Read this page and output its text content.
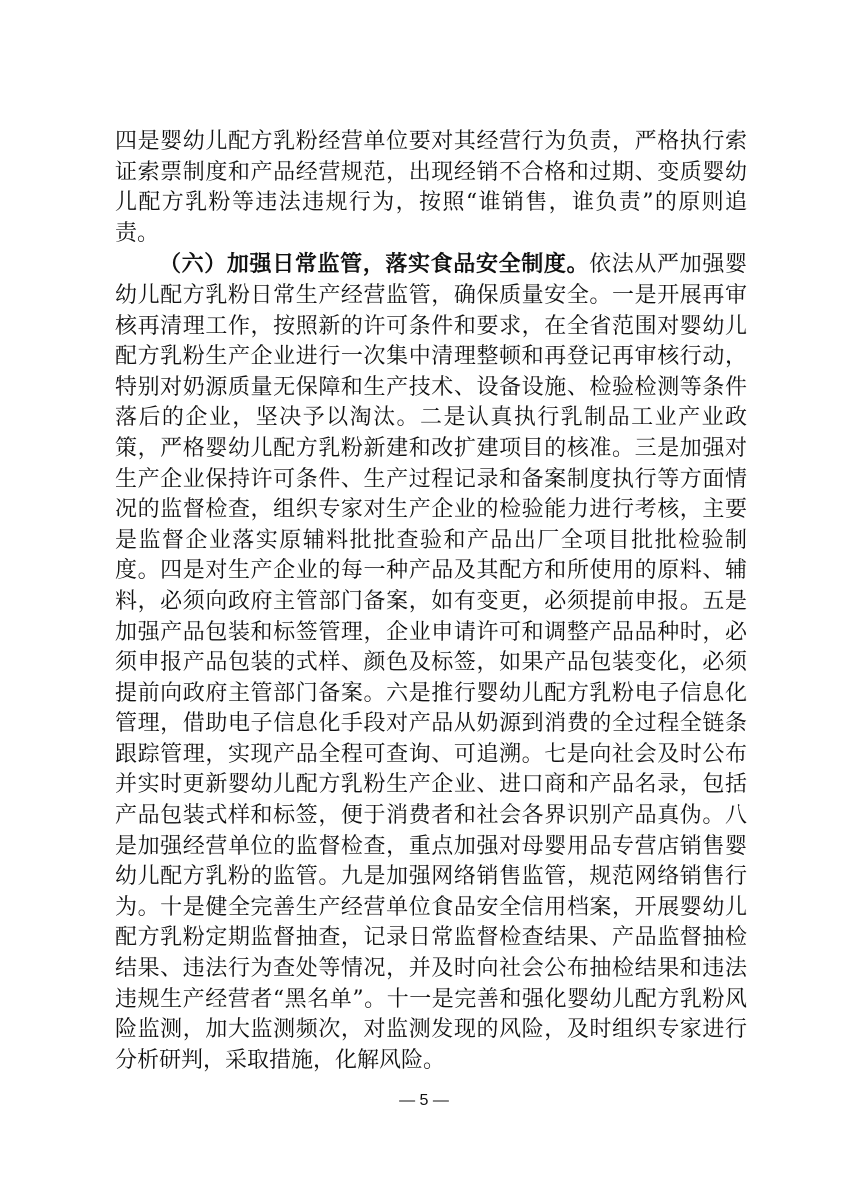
四是婴幼儿配方乳粉经营单位要对其经营行为负责，严格执行索证索票制度和产品经营规范，出现经销不合格和过期、变质婴幼儿配方乳粉等违法违规行为，按照“谁销售，谁负责”的原则追责。

（六）加强日常监管，落实食品安全制度。依法从严加强婴幼儿配方乳粉日常生产经营监管，确保质量安全。一是开展再审核再清理工作，按照新的许可条件和要求，在全省范围对婴幼儿配方乳粉生产企业进行一次集中清理整顿和再登记再审核行动，特别对奶源质量无保障和生产技术、设备设施、检验检测等条件落后的企业，坚决予以淘汰。二是认真执行乳制品工业产业政策，严格婴幼儿配方乳粉新建和改扩建项目的核准。三是加强对生产企业保持许可条件、生产过程记录和备案制度执行等方面情况的监督检查，组织专家对生产企业的检验能力进行考核，主要是监督企业落实原辅料批批查验和产品出厂全项目批批检验制度。四是对生产企业的每一种产品及其配方和所使用的原料、辅料，必须向政府主管部门备案，如有变更，必须提前申报。五是加强产品包装和标签管理，企业申请许可和调整产品品种时，必须申报产品包装的式样、颜色及标签，如果产品包装变化，必须提前向政府主管部门备案。六是推行婴幼儿配方乳粉电子信息化管理，借助电子信息化手段对产品从奶源到消费的全过程全链条跟踪管理，实现产品全程可查询、可追溯。七是向社会及时公布并实时更新婴幼儿配方乳粉生产企业、进口商和产品名录，包括产品包装式样和标签，便于消费者和社会各界识别产品真伪。八是加强经营单位的监督检查，重点加强对母婴用品专营店销售婴幼儿配方乳粉的监管。九是加强网络销售监管，规范网络销售行为。十是健全完善生产经营单位食品安全信用档案，开展婴幼儿配方乳粉定期监督抽查，记录日常监督检查结果、产品监督抽检结果、违法行为查处等情况，并及时向社会公布抽检结果和违法违规生产经营者“黑名单”。十一是完善和强化婴幼儿配方乳粉风险监测，加大监测频次，对监测发现的风险，及时组织专家进行分析研判，采取措施，化解风险。

— 5 —
